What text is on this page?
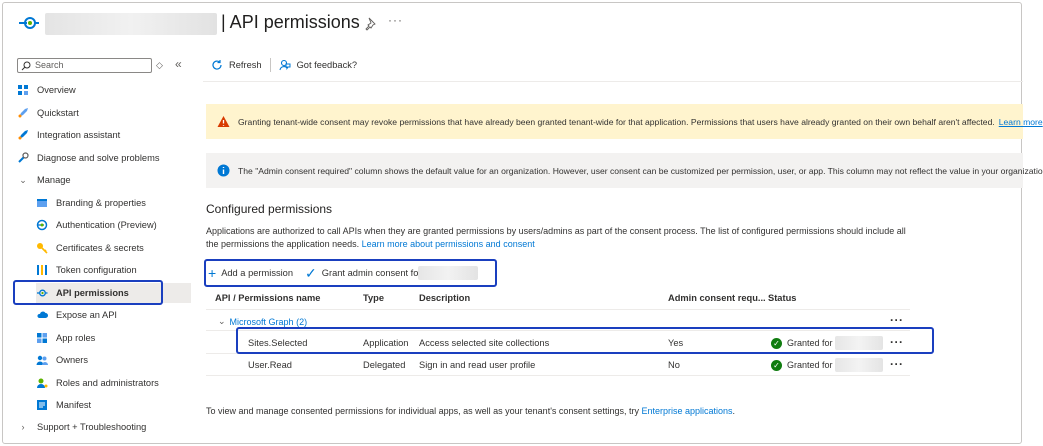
| API permissions ···
Search	◇ «
Overview
Quickstart
Integration assistant
Diagnose and solve problems
⌄ Manage
Branding & properties
Authentication (Preview)
Certificates & secrets
Token configuration
API permissions
Expose an API
App roles
Owners
Roles and administrators
Manifest
›	Support + Troubleshooting
Refresh	Got feedback?
Granting tenant-wide consent may revoke permissions that have already been granted tenant-wide for that application. Permissions that users have already granted on their own behalf aren't affected. Learn more
The "Admin consent required" column shows the default value for an organization. However, user consent can be customized per permission, user, or app. This column may not reflect the value in your organizatio
Configured permissions
Applications are authorized to call APIs when they are granted permissions by users/admins as part of the consent process. The list of configured permissions should include all the permissions the application needs. Learn more about permissions and consent
+ Add a permission ✓ Grant admin consent fo
API / Permissions name	Type	Description	Admin consent requ... Status
⌄ Microsoft Graph (2)	···
Sites.Selected	Application Access selected site collections	Yes	✓ Granted for	···
User.Read	Delegated Sign in and read user profile	No	✓ Granted for	···
To view and manage consented permissions for individual apps, as well as your tenant's consent settings, try Enterprise applications.
